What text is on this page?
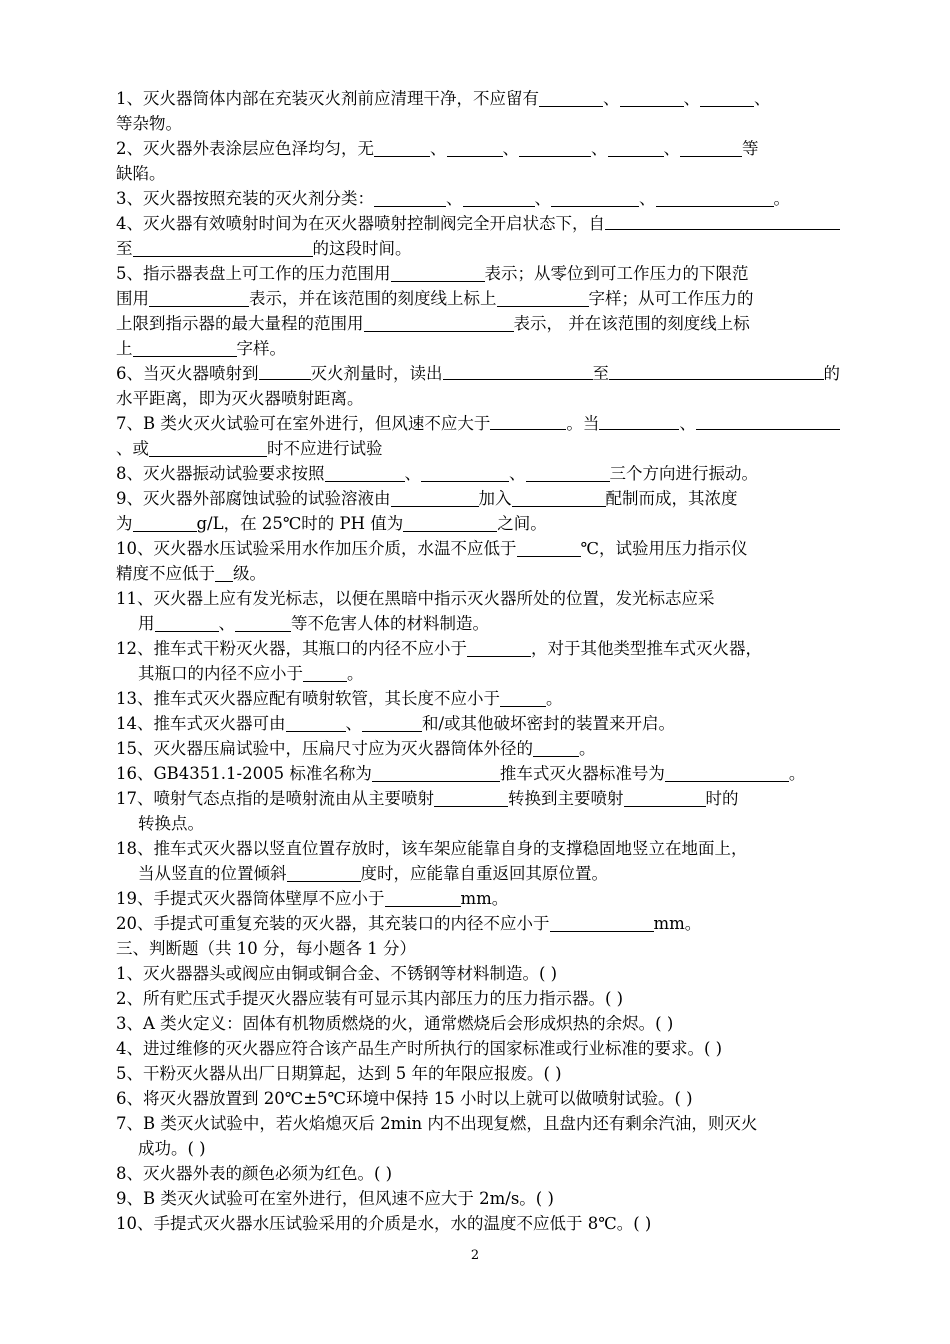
1、灭火器筒体内部在充装灭火剂前应清理干净，不应留有	、	、	、
等杂物。
2、灭火器外表涂层应色泽均匀，无	、	、	、	、	等
缺陷。
3、灭火器按照充装的灭火剂分类：	、	、	、	。
4、灭火器有效喷射时间为在灭火器喷射控制阀完全开启状态下，自
至	的这段时间。
5、指示器表盘上可工作的压力范围用	表示；从零位到可工作压力的下限范
围用	表示，并在该范围的刻度线上标上	字样；从可工作压力的
上限到指示器的最大量程的范围用	表示， 并在该范围的刻度线上标
上	字样。
6、当灭火器喷射到	灭火剂量时，读出	至	的
水平距离，即为灭火器喷射距离。
7、B 类火灭火试验可在室外进行，但风速不应大于	。当	、
、或	时不应进行试验
8、灭火器振动试验要求按照	、	、	三个方向进行振动。
9、灭火器外部腐蚀试验的试验溶液由	加入	配制而成，其浓度
为	g/L，在 25℃时的 PH 值为	之间。
10、灭火器水压试验采用水作加压介质，水温不应低于	℃，试验用压力指示仪
精度不应低于 级。
11、灭火器上应有发光标志，以便在黑暗中指示灭火器所处的位置，发光标志应采
用	、	等不危害人体的材料制造。
12、推车式干粉灭火器，其瓶口的内径不应小于	，对于其他类型推车式灭火器，
其瓶口的内径不应小于	。
13、推车式灭火器应配有喷射软管，其长度不应小于	。
14、推车式灭火器可由	、	和/或其他破坏密封的装置来开启。
15、灭火器压扁试验中，压扁尺寸应为灭火器筒体外径的	。
16、GB4351.1-2005 标准名称为	推车式灭火器标准号为	。
17、喷射气态点指的是喷射流由从主要喷射	转换到主要喷射	时的
转换点。
18、推车式灭火器以竖直位置存放时，该车架应能靠自身的支撑稳固地竖立在地面上，
当从竖直的位置倾斜	度时，应能靠自重返回其原位置。
19、手提式灭火器筒体壁厚不应小于	mm。
20、手提式可重复充装的灭火器，其充装口的内径不应小于	mm。
三、判断题（共 10 分，每小题各 1 分）
1、灭火器器头或阀应由铜或铜合金、不锈钢等材料制造。( )
2、所有贮压式手提灭火器应装有可显示其内部压力的压力指示器。( )
3、A 类火定义：固体有机物质燃烧的火，通常燃烧后会形成炽热的余烬。( )
4、进过维修的灭火器应符合该产品生产时所执行的国家标准或行业标准的要求。( )
5、干粉灭火器从出厂日期算起，达到 5 年的年限应报废。( )
6、将灭火器放置到 20℃±5℃环境中保持 15 小时以上就可以做喷射试验。( )
7、B 类灭火试验中，若火焰熄灭后 2min 内不出现复燃，且盘内还有剩余汽油，则灭火
成功。( )
8、灭火器外表的颜色必须为红色。( )
9、B 类灭火试验可在室外进行，但风速不应大于 2m/s。( )
10、手提式灭火器水压试验采用的介质是水，水的温度不应低于 8℃。( )
2
